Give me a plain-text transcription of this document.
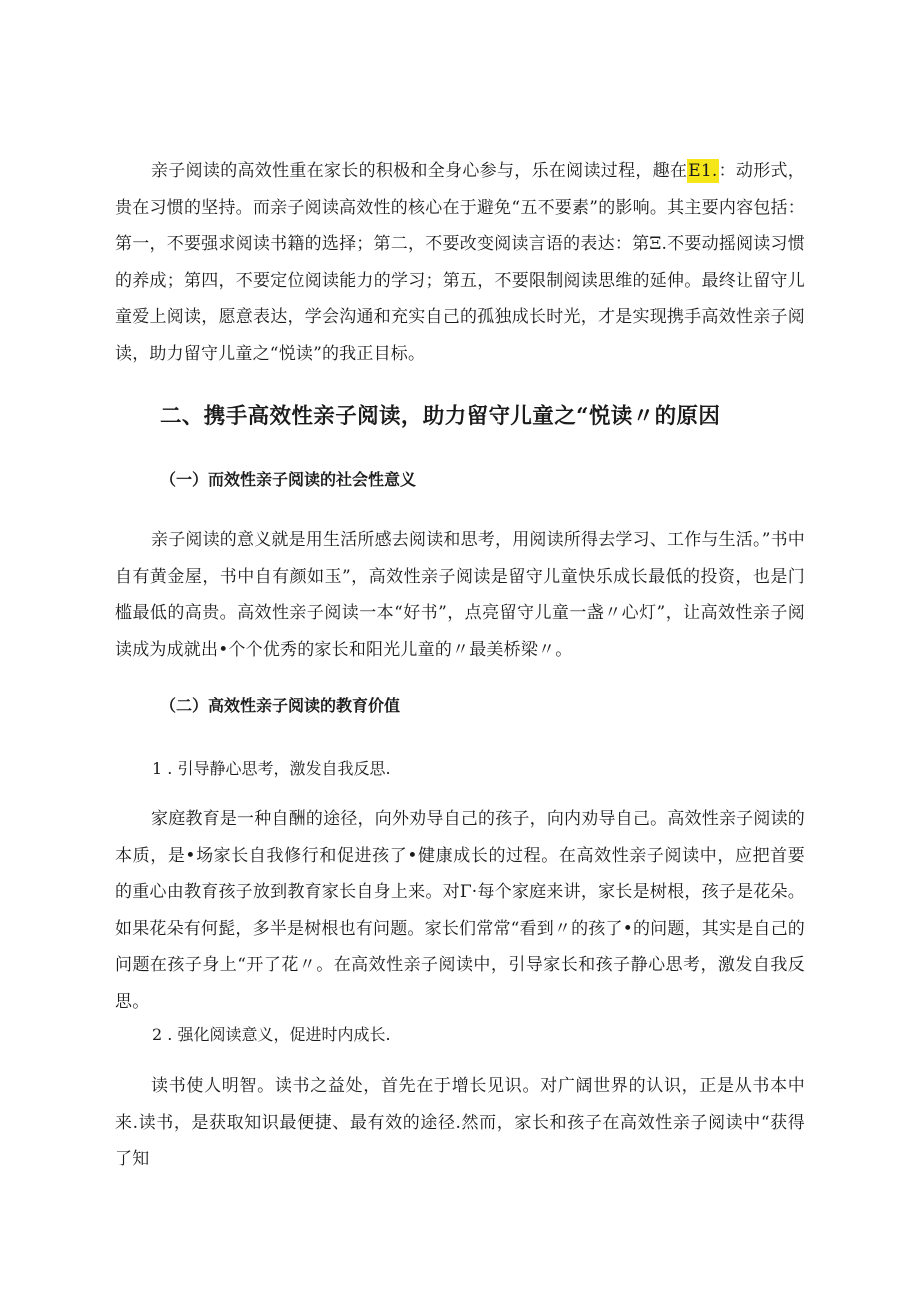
亲子阅读的高效性重在家长的积极和全身心参与，乐在阅读过程，趣在E1.：动形式，贵在习惯的坚持。而亲子阅读高效性的核心在于避免“五不要素”的影响。其主要内容包括：第一，不要强求阅读书籍的选择；第二，不要改变阅读言语的表达：第Ξ.不要动摇阅读习惯的养成；第四，不要定位阅读能力的学习；第五，不要限制阅读思维的延伸。最终让留守儿童爱上阅读，愿意表达，学会沟通和充实自己的孤独成长时光，才是实现携手高效性亲子阅读，助力留守儿童之“悦读”的我正目标。

二、携手高效性亲子阅读，助力留守儿童之“悦读〃的原因
（一）而效性亲子阅读的社会性意义

亲子阅读的意义就是用生活所感去阅读和思考，用阅读所得去学习、工作与生活。”书中自有黄金屋，书中自有颜如玉”，高效性亲子阅读是留守儿童快乐成长最低的投资，也是门槛最低的高贵。高效性亲子阅读一本“好书”，点亮留守儿童一盏〃心灯”，让高效性亲子阅读成为成就出•个个优秀的家长和阳光儿童的〃最美桥梁〃。

（二）高效性亲子阅读的教育价值

1 . 引导静心思考，激发自我反思.

家庭教育是一种自酬的途径，向外劝导自己的孩子，向内劝导自己。高效性亲子阅读的本质，是•场家长自我修行和促进孩了•健康成长的过程。在高效性亲子阅读中，应把首要的重心由教育孩子放到教育家长自身上来。对Γ·每个家庭来讲，家长是树根，孩子是花朵。如果花朵有何髭，多半是树根也有问题。家长们常常“看到〃的孩了•的问题，其实是自己的问题在孩子身上“开了花〃。在高效性亲子阅读中，引导家长和孩子静心思考，激发自我反思。

2 . 强化阅读意义，促进时内成长.

读书使人明智。读书之益处，首先在于增长见识。对广阔世界的认识，正是从书本中来.读书，是获取知识最便捷、最有效的途径.然而，家长和孩子在高效性亲子阅读中“获得了知
